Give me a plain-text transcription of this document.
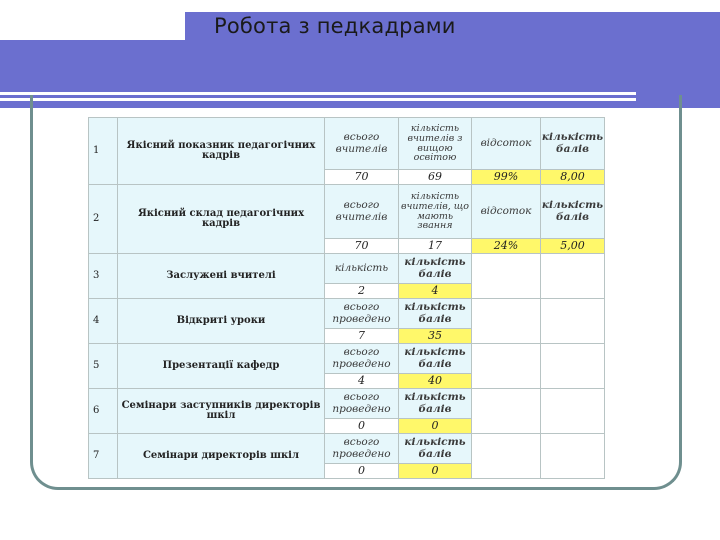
Робота з педкадрами
1	Якісний показник педагогічних кадрів	всього вчителів	кількість вчителів з вищою освітою	відсоток	кількість балів
		70	69	99%	8,00
2	Якісний склад педагогічних кадрів	всього вчителів	кількість вчителів, що мають звання	відсоток	кількість балів
		70	17	24%	5,00
3	Заслужені вчителі	кількість	кількість балів		
		2	4		
4	Відкриті уроки	всього проведено	кількість балів		
		7	35		
5	Презентації кафедр	всього проведено	кількість балів		
		4	40		
6	Семінари заступників директорів шкіл	всього проведено	кількість балів		
		0	0		
7	Семінари директорів шкіл	всього проведено	кількість балів		
		0	0		
